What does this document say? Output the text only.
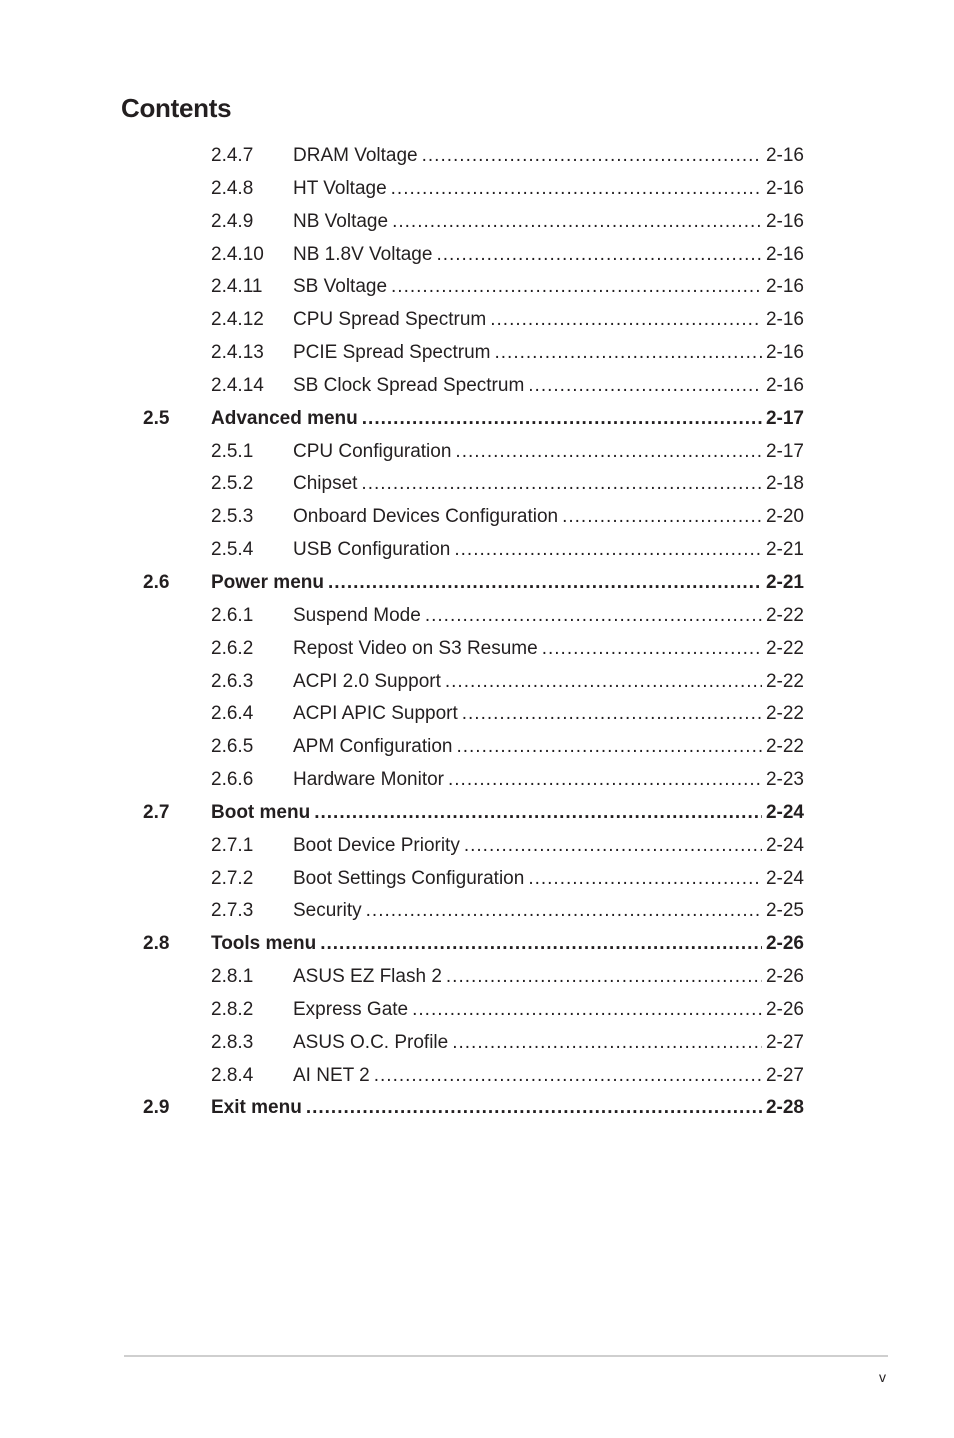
Contents
2.4.7 DRAM Voltage .....	2-16
2.4.8 HT Voltage .....	2-16
2.4.9 NB Voltage .....	2-16
2.4.10 NB 1.8V Voltage .....	2-16
2.4.11 SB Voltage .....	2-16
2.4.12 CPU Spread Spectrum .....	2-16
2.4.13 PCIE Spread Spectrum .....	2-16
2.4.14 SB Clock Spread Spectrum .....	2-16
2.5 Advanced menu .....	2-17
2.5.1 CPU Configuration .....	2-17
2.5.2 Chipset .....	2-18
2.5.3 Onboard Devices Configuration .....	2-20
2.5.4 USB Configuration .....	2-21
2.6 Power menu .....	2-21
2.6.1 Suspend Mode .....	2-22
2.6.2 Repost Video on S3 Resume .....	2-22
2.6.3 ACPI 2.0 Support .....	2-22
2.6.4 ACPI APIC Support .....	2-22
2.6.5 APM Configuration .....	2-22
2.6.6 Hardware Monitor .....	2-23
2.7 Boot menu .....	2-24
2.7.1 Boot Device Priority .....	2-24
2.7.2 Boot Settings Configuration .....	2-24
2.7.3 Security .....	2-25
2.8 Tools menu .....	2-26
2.8.1 ASUS EZ Flash 2 .....	2-26
2.8.2 Express Gate .....	2-26
2.8.3 ASUS O.C. Profile .....	2-27
2.8.4 AI NET 2 .....	2-27
2.9 Exit menu .....	2-28
v
